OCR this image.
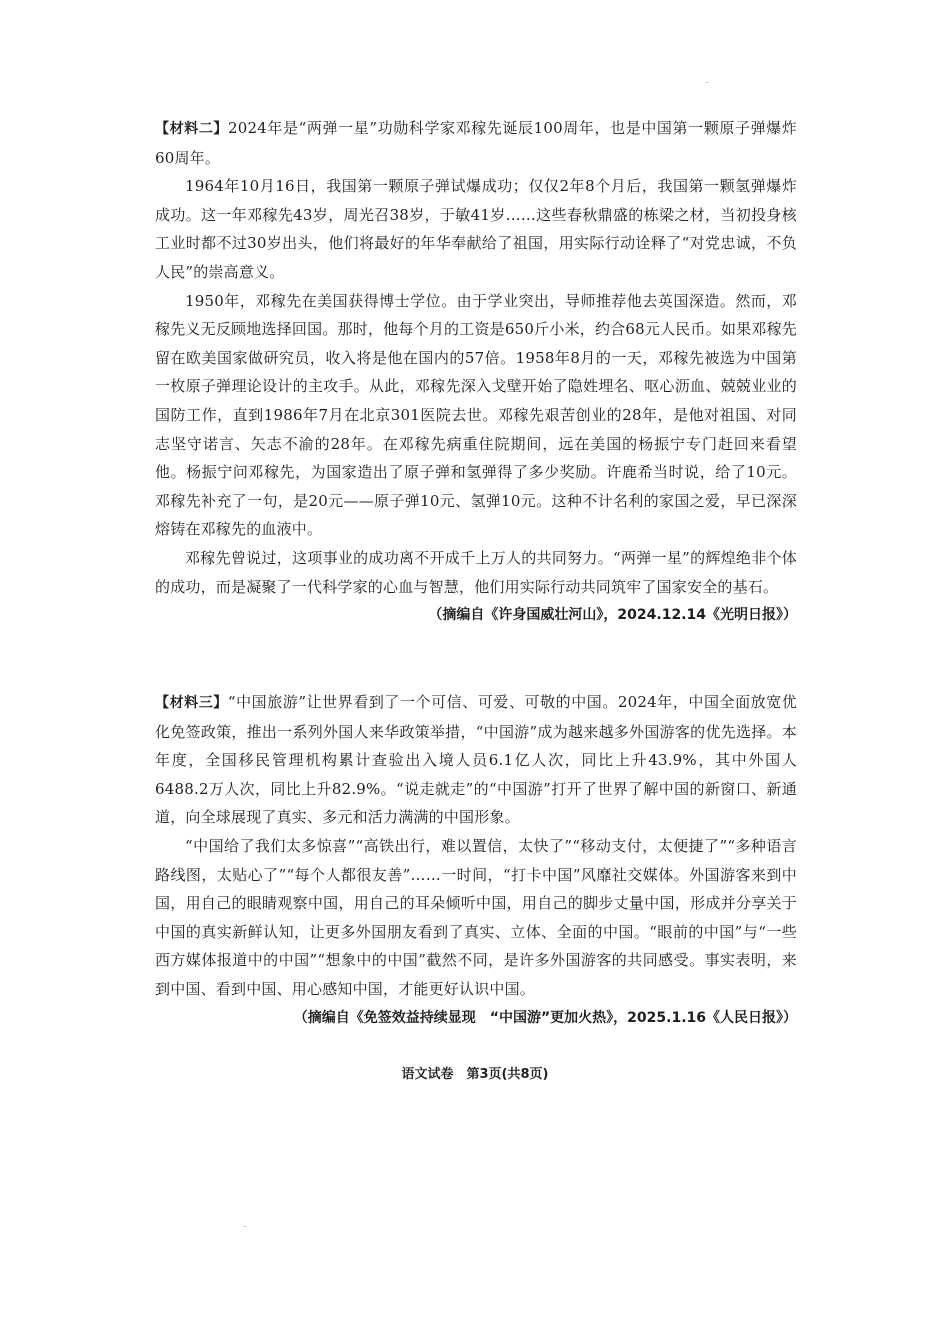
【材料二】2024年是“两弹一星”功勋科学家邓稼先诞辰100周年，也是中国第一颗原子弹爆炸60周年。

1964年10月16日，我国第一颗原子弹试爆成功；仅仅2年8个月后，我国第一颗氢弹爆炸成功。这一年邓稼先43岁，周光召38岁，于敏41岁……这些春秋鼎盛的栋梁之材，当初投身核工业时都不过30岁出头，他们将最好的年华奉献给了祖国，用实际行动诠释了“对党忠诚，不负人民”的崇高意义。

1950年，邓稼先在美国获得博士学位。由于学业突出，导师推荐他去英国深造。然而，邓稼先义无反顾地选择回国。那时，他每个月的工资是650斤小米，约合68元人民币。如果邓稼先留在欧美国家做研究员，收入将是他在国内的57倍。1958年8月的一天，邓稼先被选为中国第一枚原子弹理论设计的主攻手。从此，邓稼先深入戈壁开始了隐姓埋名、呕心沥血、兢兢业业的国防工作，直到1986年7月在北京301医院去世。邓稼先艰苦创业的28年，是他对祖国、对同志坚守诺言、矢志不渝的28年。在邓稼先病重住院期间，远在美国的杨振宁专门赶回来看望他。杨振宁问邓稼先，为国家造出了原子弹和氢弹得了多少奖励。许鹿希当时说，给了10元。邓稼先补充了一句，是20元——原子弹10元、氢弹10元。这种不计名利的家国之爱，早已深深熔铸在邓稼先的血液中。

邓稼先曾说过，这项事业的成功离不开成千上万人的共同努力。“两弹一星”的辉煌绝非个体的成功，而是凝聚了一代科学家的心血与智慧，他们用实际行动共同筑牢了国家安全的基石。

（摘编自《许身国威壮河山》，2024.12.14《光明日报》）

【材料三】“中国旅游”让世界看到了一个可信、可爱、可敬的中国。2024年，中国全面放宽优化免签政策，推出一系列外国人来华政策举措，“中国游”成为越来越多外国游客的优先选择。本年度，全国移民管理机构累计查验出入境人员6.1亿人次，同比上升43.9%，其中外国人6488.2万人次，同比上升82.9%。“说走就走”的“中国游”打开了世界了解中国的新窗口、新通道，向全球展现了真实、多元和活力满满的中国形象。

“中国给了我们太多惊喜”“高铁出行，难以置信，太快了”“移动支付，太便捷了”“多种语言路线图，太贴心了”“每个人都很友善”……一时间，“打卡中国”风靡社交媒体。外国游客来到中国，用自己的眼睛观察中国，用自己的耳朵倾听中国，用自己的脚步丈量中国，形成并分享关于中国的真实新鲜认知，让更多外国朋友看到了真实、立体、全面的中国。“眼前的中国”与“一些西方媒体报道中的中国”“想象中的中国”截然不同，是许多外国游客的共同感受。事实表明，来到中国、看到中国、用心感知中国，才能更好认识中国。

（摘编自《免签效益持续显现　“中国游”更加火热》，2025.1.16《人民日报》）

语文试卷　第3页(共8页)
